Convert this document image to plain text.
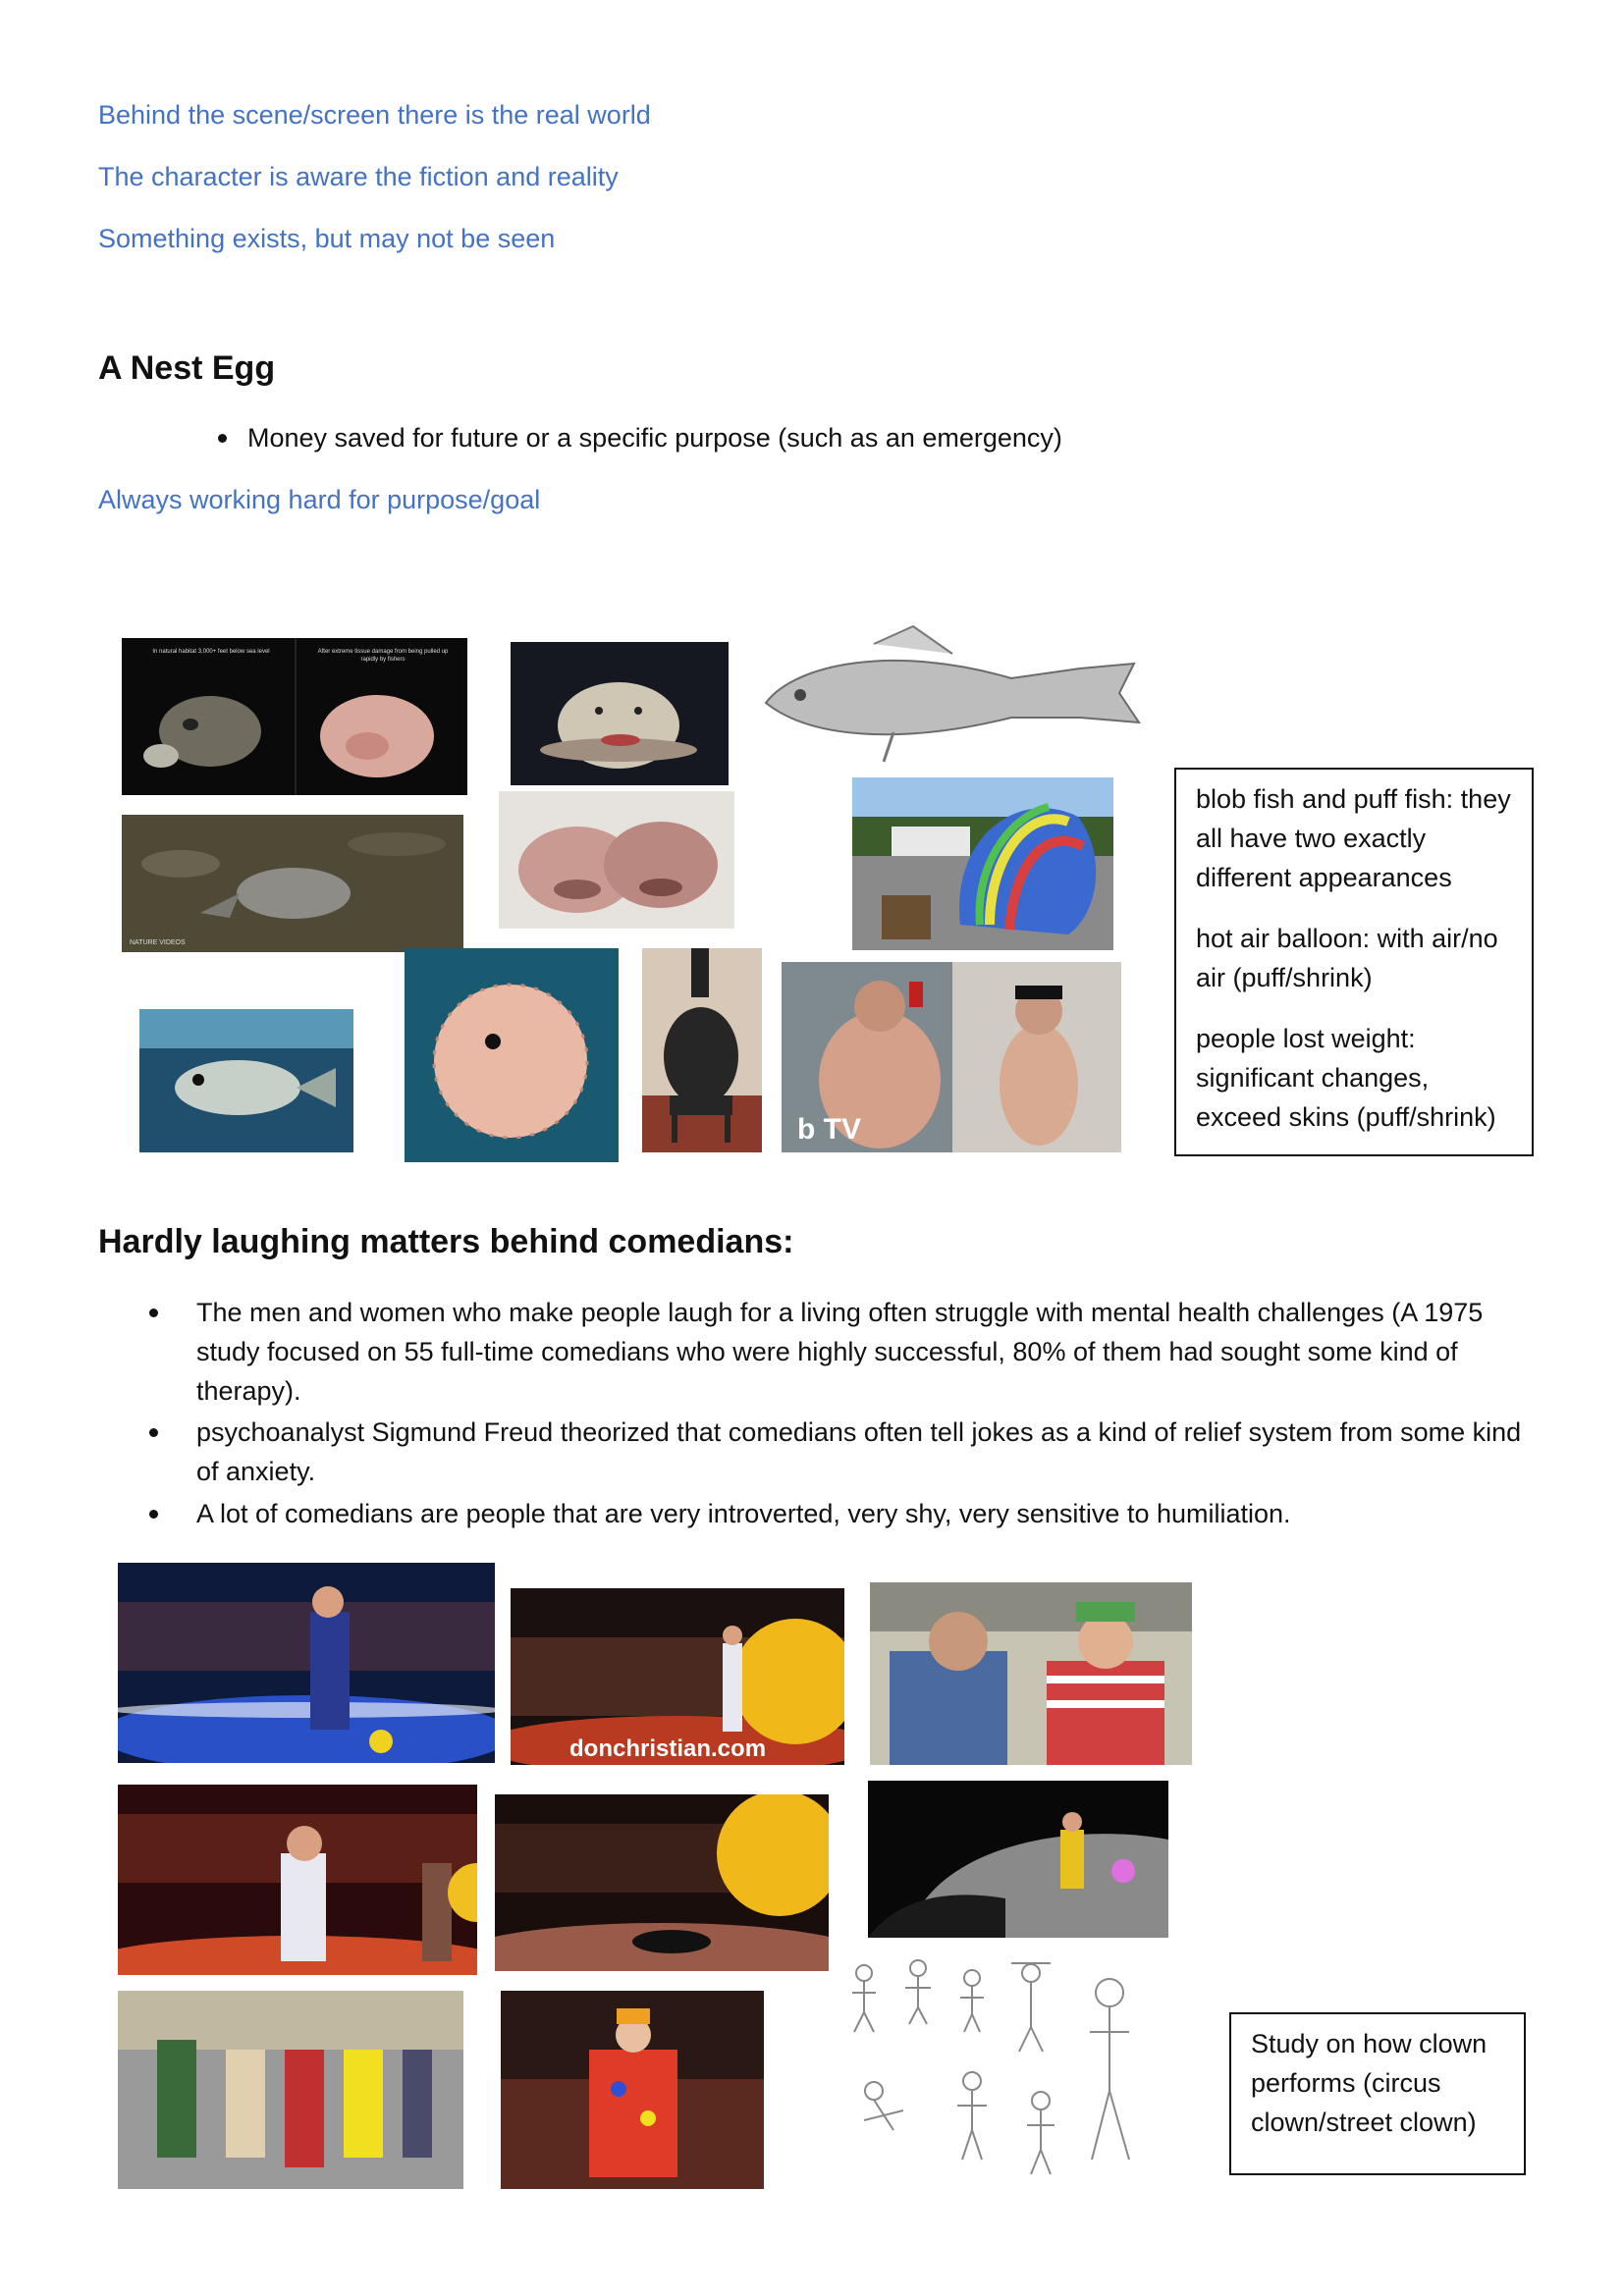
Behind the scene/screen there is the real world
The character is aware the fiction and reality
Something exists, but may not be seen
A Nest Egg
Money saved for future or a specific purpose (such as an emergency)
Always working hard for purpose/goal
In natural habitat 3,000+ feet below sea level	After extreme tissue damage from being pulled up rapidly by fishers
NATURE VIDEOS
b TV

blob fish and puff fish: they all have two exactly different appearances

hot air balloon: with air/no air (puff/shrink)

people lost weight: significant changes, exceed skins (puff/shrink)

Hardly laughing matters behind comedians:
The men and women who make people laugh for a living often struggle with mental health challenges (A 1975 study focused on 55 full-time comedians who were highly successful, 80% of them had sought some kind of therapy).
psychoanalyst Sigmund Freud theorized that comedians often tell jokes as a kind of relief system from some kind of anxiety.
A lot of comedians are people that are very introverted, very shy, very sensitive to humiliation.
donchristian.com

Study on how clown performs (circus clown/street clown)
